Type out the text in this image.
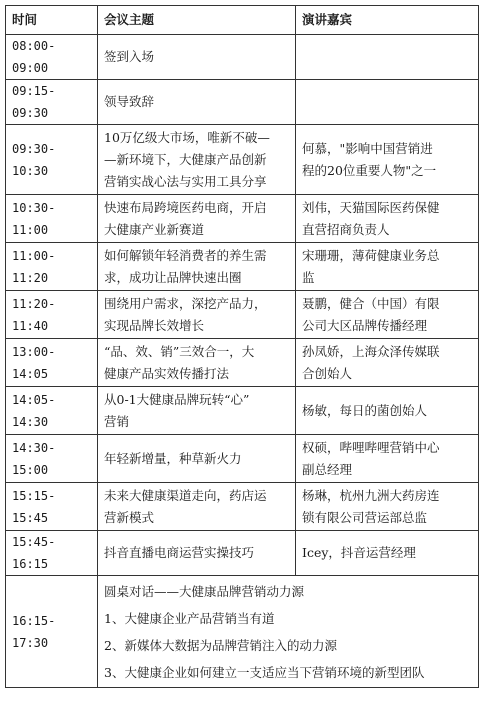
时间	会议主题	演讲嘉宾
08:00-09:00	签到入场	

09:15-09:30	领导致辞	

09:30-10:30	10万亿级大市场，唯新不破—
—新环境下，大健康产品创新
营销实战心法与实用工具分享	何慕，"影响中国营销进
程的20位重要人物"之一

10:30-11:00	快速布局跨境医药电商，开启
大健康产业新赛道	刘伟，天猫国际医药保健
直营招商负责人

11:00-11:20	如何解锁年轻消费者的养生需
求，成功让品牌快速出圈	宋珊珊，薄荷健康业务总
监

11:20-11:40	围绕用户需求，深挖产品力，
实现品牌长效增长	聂鹏，健合（中国）有限
公司大区品牌传播经理

13:00-14:05	“品、效、销”三效合一，大
健康产品实效传播打法	孙凤娇，上海众泽传媒联
合创始人

14:05-14:30	从0-1大健康品牌玩转“心”
营销	杨敏，每日的菌创始人

14:30-15:00	年轻新增量，种草新火力	权硕，哔哩哔哩营销中心
副总经理

15:15-15:45	未来大健康渠道走向，药店运
营新模式	杨琳，杭州九洲大药房连
锁有限公司营运部总监

15:45-16:15	抖音直播电商运营实操技巧	Icey，抖音运营经理

16:15-17:30	圆桌对话——大健康品牌营销动力源
1、大健康企业产品营销当有道
2、新媒体大数据为品牌营销注入的动力源
3、大健康企业如何建立一支适应当下营销环境的新型团队	
